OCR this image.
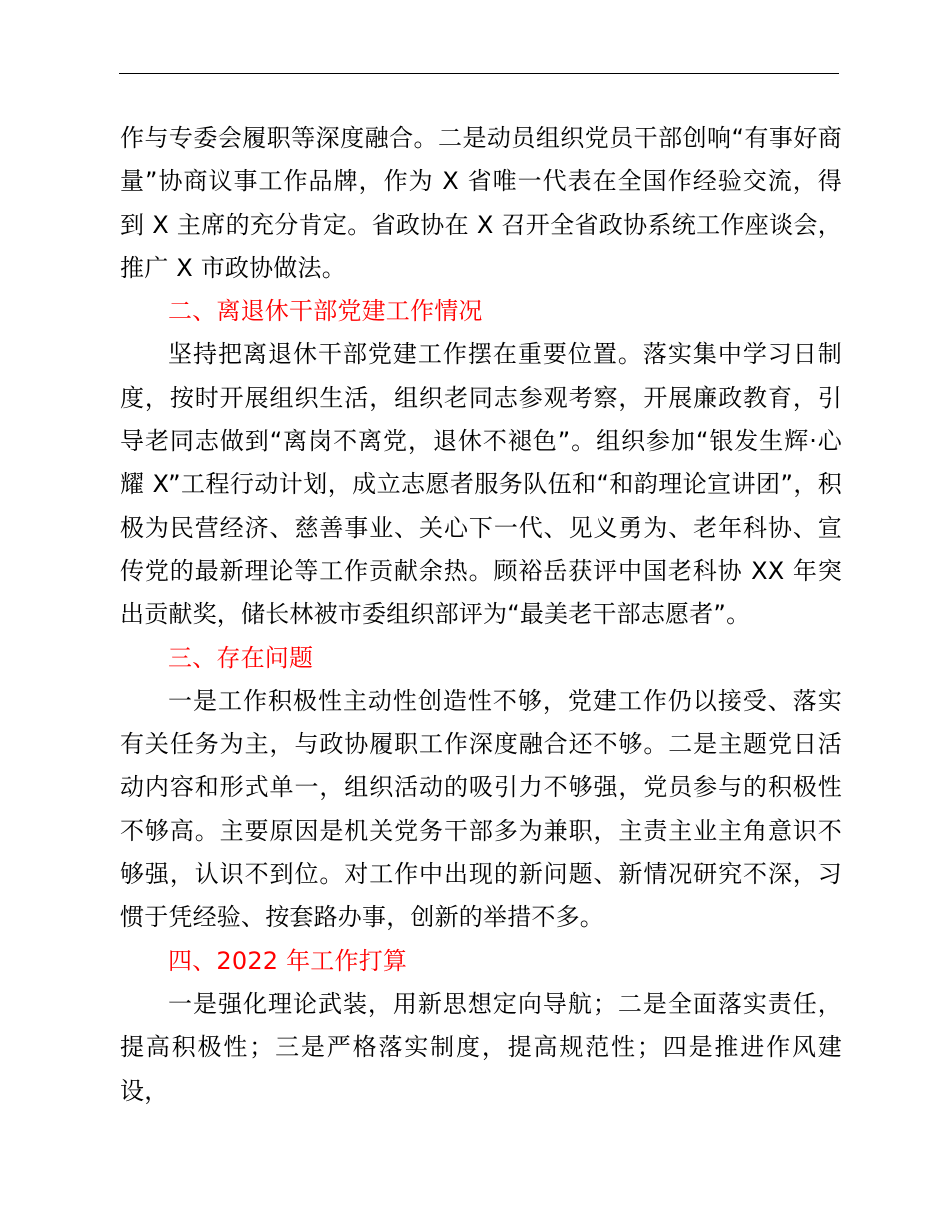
作与专委会履职等深度融合。二是动员组织党员干部创响“有事好商量”协商议事工作品牌，作为 X 省唯一代表在全国作经验交流，得到 X 主席的充分肯定。省政协在 X 召开全省政协系统工作座谈会，推广 X 市政协做法。

二、离退休干部党建工作情况

坚持把离退休干部党建工作摆在重要位置。落实集中学习日制度，按时开展组织生活，组织老同志参观考察，开展廉政教育，引导老同志做到“离岗不离党，退休不褪色”。组织参加“银发生辉·心耀 X”工程行动计划，成立志愿者服务队伍和“和韵理论宣讲团”，积极为民营经济、慈善事业、关心下一代、见义勇为、老年科协、宣传党的最新理论等工作贡献余热。顾裕岳获评中国老科协 XX 年突出贡献奖，储长林被市委组织部评为“最美老干部志愿者”。

三、存在问题

一是工作积极性主动性创造性不够，党建工作仍以接受、落实有关任务为主，与政协履职工作深度融合还不够。二是主题党日活动内容和形式单一，组织活动的吸引力不够强，党员参与的积极性不够高。主要原因是机关党务干部多为兼职，主责主业主角意识不够强，认识不到位。对工作中出现的新问题、新情况研究不深，习惯于凭经验、按套路办事，创新的举措不多。

四、2022 年工作打算

一是强化理论武装，用新思想定向导航；二是全面落实责任，提高积极性；三是严格落实制度，提高规范性；四是推进作风建设，
